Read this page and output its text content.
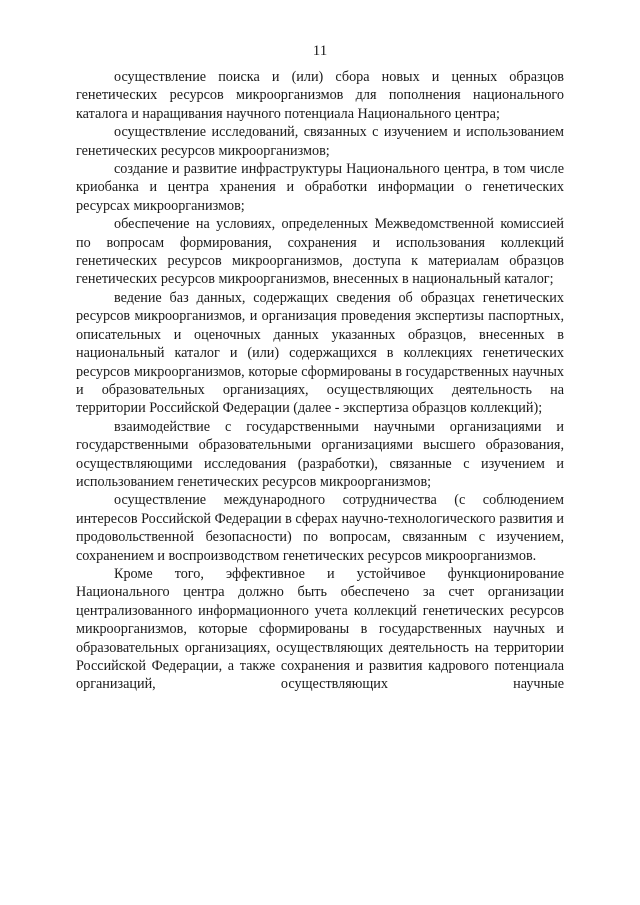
11

осуществление поиска и (или) сбора новых и ценных образцов генетических ресурсов микроорганизмов для пополнения национального каталога и наращивания научного потенциала Национального центра;

осуществление исследований, связанных с изучением и использованием генетических ресурсов микроорганизмов;

создание и развитие инфраструктуры Национального центра, в том числе криобанка и центра хранения и обработки информации о генетических ресурсах микроорганизмов;

обеспечение на условиях, определенных Межведомственной комиссией по вопросам формирования, сохранения и использования коллекций генетических ресурсов микроорганизмов, доступа к материалам образцов генетических ресурсов микроорганизмов, внесенных в национальный каталог;

ведение баз данных, содержащих сведения об образцах генетических ресурсов микроорганизмов, и организация проведения экспертизы паспортных, описательных и оценочных данных указанных образцов, внесенных в национальный каталог и (или) содержащихся в коллекциях генетических ресурсов микроорганизмов, которые сформированы в государственных научных и образовательных организациях, осуществляющих деятельность на территории Российской Федерации (далее - экспертиза образцов коллекций);

взаимодействие с государственными научными организациями и государственными образовательными организациями высшего образования, осуществляющими исследования (разработки), связанные с изучением и использованием генетических ресурсов микроорганизмов;

осуществление международного сотрудничества (с соблюдением интересов Российской Федерации в сферах научно-технологического развития и продовольственной безопасности) по вопросам, связанным с изучением, сохранением и воспроизводством генетических ресурсов микроорганизмов.

Кроме того, эффективное и устойчивое функционирование Национального центра должно быть обеспечено за счет организации централизованного информационного учета коллекций генетических ресурсов микроорганизмов, которые сформированы в государственных научных и образовательных организациях, осуществляющих деятельность на территории Российской Федерации, а также сохранения и развития кадрового потенциала организаций, осуществляющих научные
